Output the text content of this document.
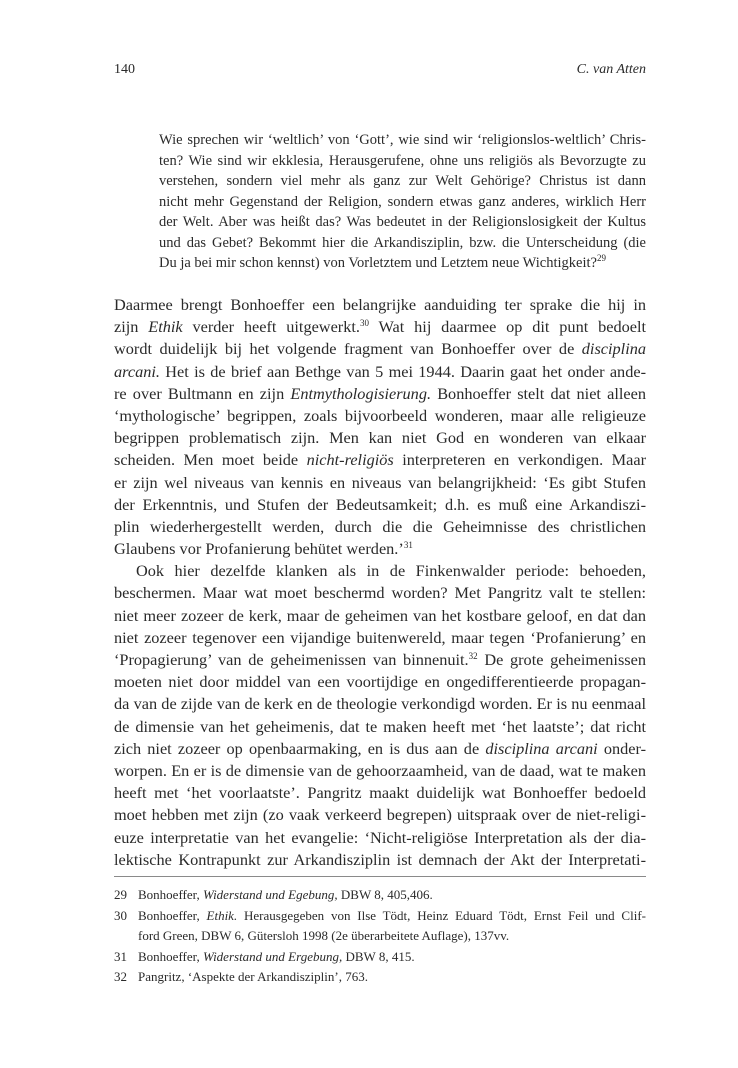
140	C. van Atten
Wie sprechen wir ‘weltlich’ von ‘Gott’, wie sind wir ‘religionslos-weltlich’ Chris-
ten? Wie sind wir ekklesia, Herausgerufene, ohne uns religiös als Bevorzugte zu
verstehen, sondern viel mehr als ganz zur Welt Gehörige? Christus ist dann
nicht mehr Gegenstand der Religion, sondern etwas ganz anderes, wirklich Herr
der Welt. Aber was heißt das? Was bedeutet in der Religionslosigkeit der Kultus
und das Gebet? Bekommt hier die Arkandisziplin, bzw. die Unterscheidung (die
Du ja bei mir schon kennst) von Vorletztem und Letztem neue Wichtigkeit?$^{29}$
Daarmee brengt Bonhoeffer een belangrijke aanduiding ter sprake die hij in
zijn Ethik verder heeft uitgewerkt.$^{30}$ Wat hij daarmee op dit punt bedoelt
wordt duidelijk bij het volgende fragment van Bonhoeffer over de disciplina
arcani. Het is de brief aan Bethge van 5 mei 1944. Daarin gaat het onder ande-
re over Bultmann en zijn Entmythologisierung. Bonhoeffer stelt dat niet alleen
‘mythologische’ begrippen, zoals bijvoorbeeld wonderen, maar alle religieuze
begrippen problematisch zijn. Men kan niet God en wonderen van elkaar
scheiden. Men moet beide nicht-religiös interpreteren en verkondigen. Maar
er zijn wel niveaus van kennis en niveaus van belangrijkheid: ‘Es gibt Stufen
der Erkenntnis, und Stufen der Bedeutsamkeit; d.h. es muß eine Arkandiszi-
plin wiederhergestellt werden, durch die die Geheimnisse des christlichen
Glaubens vor Profanierung behütet werden.’$^{31}$
Ook hier dezelfde klanken als in de Finkenwalder periode: behoeden,
beschermen. Maar wat moet beschermd worden? Met Pangritz valt te stellen:
niet meer zozeer de kerk, maar de geheimen van het kostbare geloof, en dat dan
niet zozeer tegenover een vijandige buitenwereld, maar tegen ‘Profanierung’ en
‘Propagierung’ van de geheimenissen van binnenuit.$^{32}$ De grote geheimenissen
moeten niet door middel van een voortijdige en ongedifferentieerde propagan-
da van de zijde van de kerk en de theologie verkondigd worden. Er is nu eenmaal
de dimensie van het geheimenis, dat te maken heeft met ‘het laatste’; dat richt
zich niet zozeer op openbaarmaking, en is dus aan de disciplina arcani onder-
worpen. En er is de dimensie van de gehoorzaamheid, van de daad, wat te maken
heeft met ‘het voorlaatste’. Pangritz maakt duidelijk wat Bonhoeffer bedoeld
moet hebben met zijn (zo vaak verkeerd begrepen) uitspraak over de niet-religi-
euze interpretatie van het evangelie: ‘Nicht-religiöse Interpretation als der dia-
lektische Kontrapunkt zur Arkandisziplin ist demnach der Akt der Interpretati-
29 Bonhoeffer, Widerstand und Egebung, DBW 8, 405,406.
30 Bonhoeffer, Ethik. Herausgegeben von Ilse Tödt, Heinz Eduard Tödt, Ernst Feil und Clif-
ford Green, DBW 6, Gütersloh 1998 (2e überarbeitete Auflage), 137vv.
31 Bonhoeffer, Widerstand und Ergebung, DBW 8, 415.
32 Pangritz, ‘Aspekte der Arkandisziplin’, 763.
